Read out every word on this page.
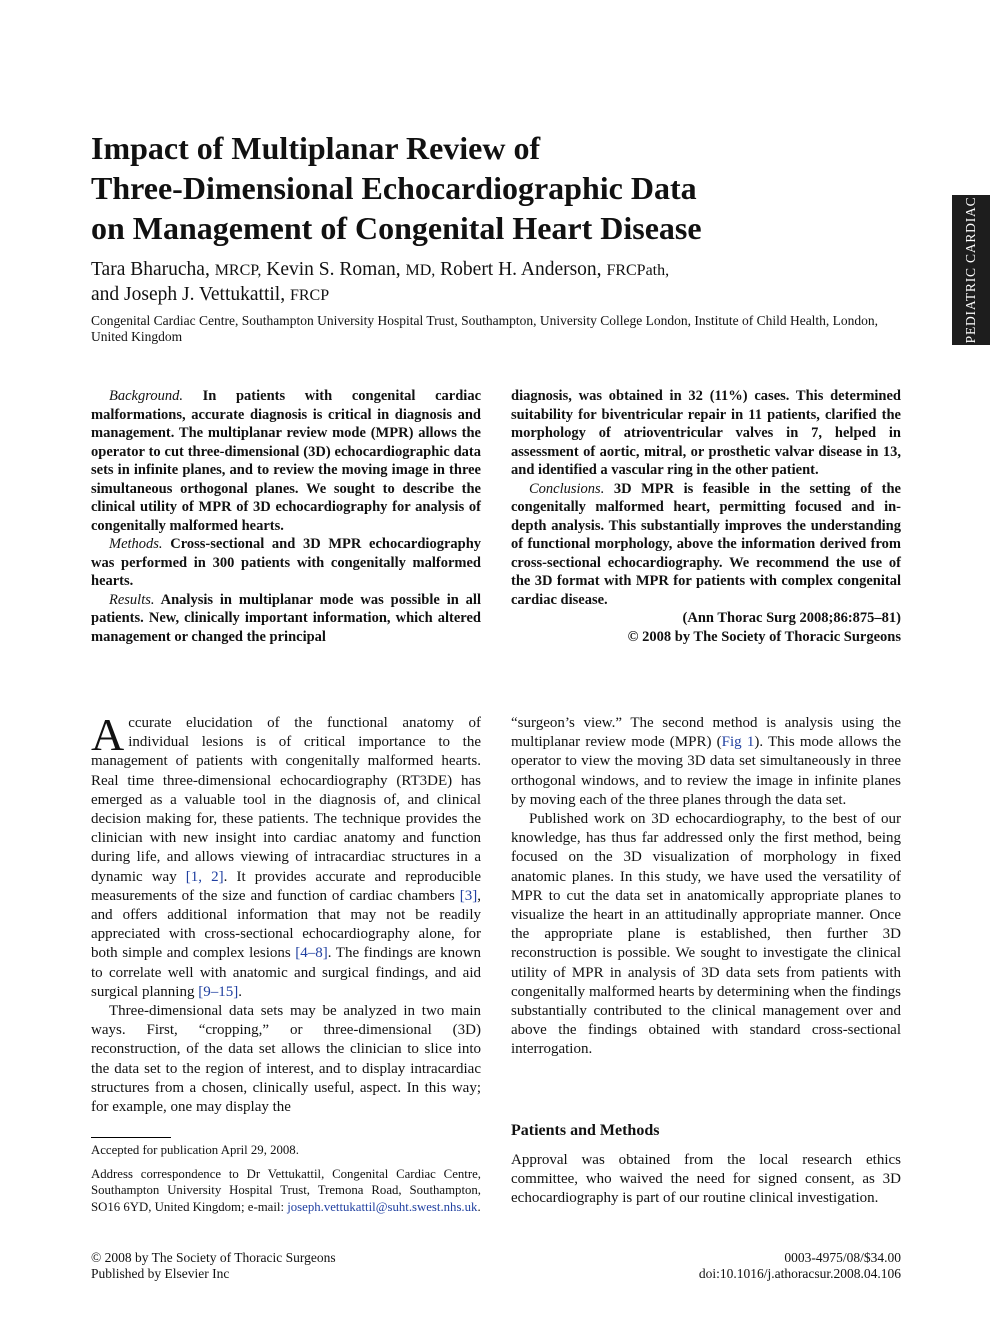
PEDIATRIC CARDIAC
Impact of Multiplanar Review of
Three-Dimensional Echocardiographic Data
on Management of Congenital Heart Disease
Tara Bharucha, MRCP, Kevin S. Roman, MD, Robert H. Anderson, FRCPath,
and Joseph J. Vettukattil, FRCP
Congenital Cardiac Centre, Southampton University Hospital Trust, Southampton, University College London, Institute of Child Health, London, United Kingdom

Background. In patients with congenital cardiac malformations, accurate diagnosis is critical in diagnosis and management. The multiplanar review mode (MPR) allows the operator to cut three-dimensional (3D) echocardiographic data sets in infinite planes, and to review the moving image in three simultaneous orthogonal planes. We sought to describe the clinical utility of MPR of 3D echocardiography for analysis of congenitally malformed hearts.

Methods. Cross-sectional and 3D MPR echocardiography was performed in 300 patients with congenitally malformed hearts.

Results. Analysis in multiplanar mode was possible in all patients. New, clinically important information, which altered management or changed the principal

diagnosis, was obtained in 32 (11%) cases. This determined suitability for biventricular repair in 11 patients, clarified the morphology of atrioventricular valves in 7, helped in assessment of aortic, mitral, or prosthetic valvar disease in 13, and identified a vascular ring in the other patient.

Conclusions. 3D MPR is feasible in the setting of the congenitally malformed heart, permitting focused and in-depth analysis. This substantially improves the understanding of functional morphology, above the information derived from cross-sectional echocardiography. We recommend the use of the 3D format with MPR for patients with complex congenital cardiac disease.

(Ann Thorac Surg 2008;86:875–81)
© 2008 by The Society of Thoracic Surgeons

Accurate elucidation of the functional anatomy of individual lesions is of critical importance to the management of patients with congenitally malformed hearts. Real time three-dimensional echocardiography (RT3DE) has emerged as a valuable tool in the diagnosis of, and clinical decision making for, these patients. The technique provides the clinician with new insight into cardiac anatomy and function during life, and allows viewing of intracardiac structures in a dynamic way [1, 2]. It provides accurate and reproducible measurements of the size and function of cardiac chambers [3], and offers additional information that may not be readily appreciated with cross-sectional echocardiography alone, for both simple and complex lesions [4–8]. The findings are known to correlate well with anatomic and surgical findings, and aid surgical planning [9–15].

Three-dimensional data sets may be analyzed in two main ways. First, “cropping,” or three-dimensional (3D) reconstruction, of the data set allows the clinician to slice into the data set to the region of interest, and to display intracardiac structures from a chosen, clinically useful, aspect. In this way; for example, one may display the

“surgeon’s view.” The second method is analysis using the multiplanar review mode (MPR) (Fig 1). This mode allows the operator to view the moving 3D data set simultaneously in three orthogonal windows, and to review the image in infinite planes by moving each of the three planes through the data set.

Published work on 3D echocardiography, to the best of our knowledge, has thus far addressed only the first method, being focused on the 3D visualization of morphology in fixed anatomic planes. In this study, we have used the versatility of MPR to cut the data set in anatomically appropriate planes to visualize the heart in an attitudinally appropriate manner. Once the appropriate plane is established, then further 3D reconstruction is possible. We sought to investigate the clinical utility of MPR in analysis of 3D data sets from patients with congenitally malformed hearts by determining when the findings substantially contributed to the clinical management over and above the findings obtained with standard cross-sectional interrogation.

Patients and Methods

Approval was obtained from the local research ethics committee, who waived the need for signed consent, as 3D echocardiography is part of our routine clinical investigation.

Accepted for publication April 29, 2008.

Address correspondence to Dr Vettukattil, Congenital Cardiac Centre, Southampton University Hospital Trust, Tremona Road, Southampton, SO16 6YD, United Kingdom; e-mail: joseph.vettukattil@suht.swest.nhs.uk.

© 2008 by The Society of Thoracic Surgeons
Published by Elsevier Inc
0003-4975/08/$34.00
doi:10.1016/j.athoracsur.2008.04.106
